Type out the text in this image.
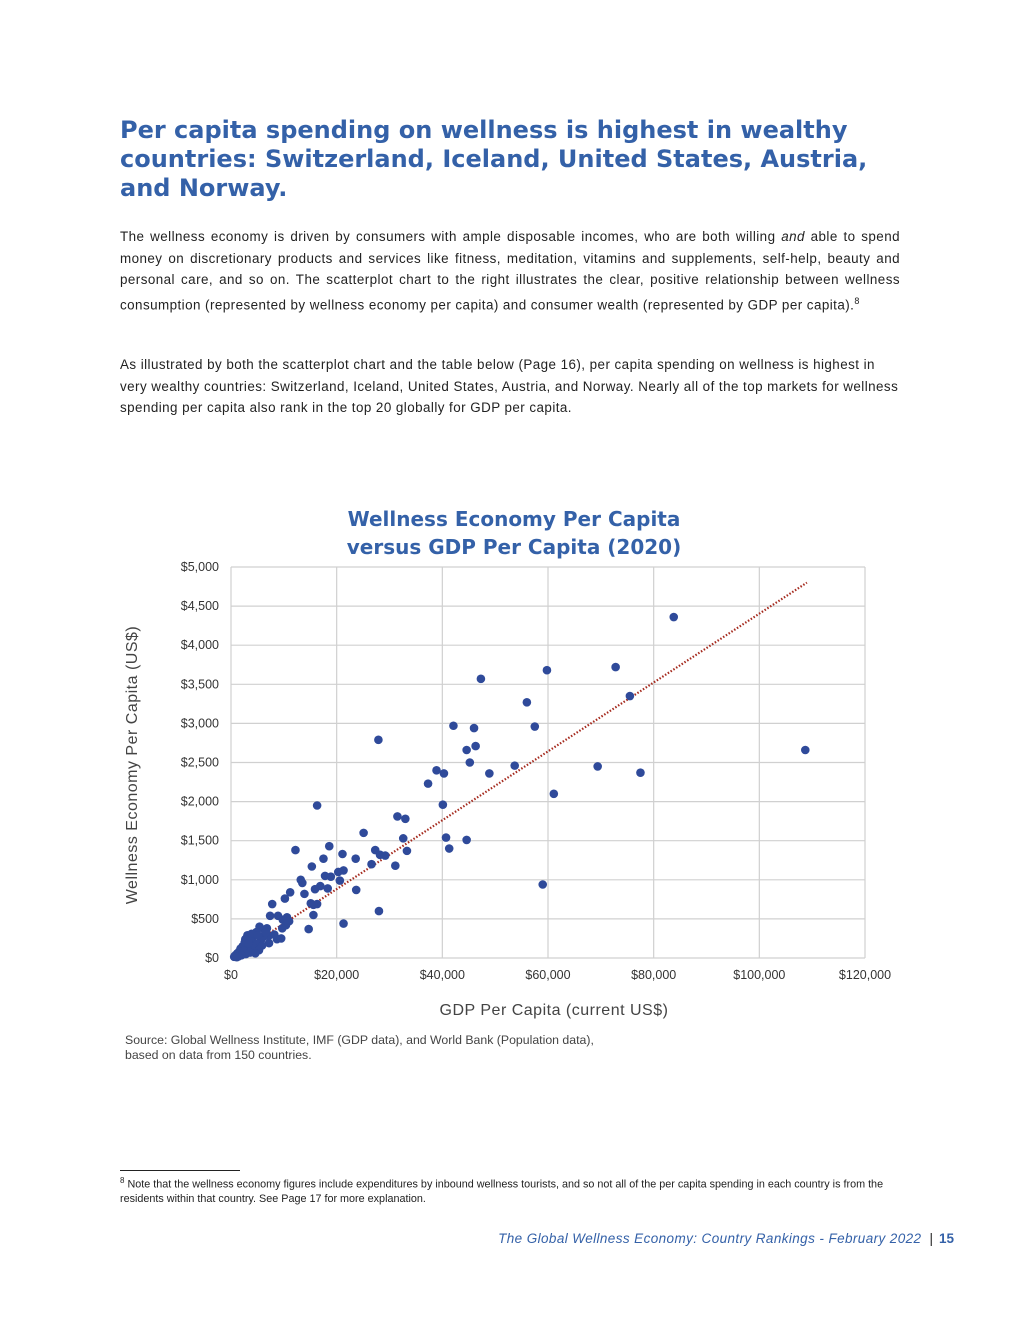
Per capita spending on wellness is highest in wealthy countries: Switzerland, Iceland, United States, Austria, and Norway.

The wellness economy is driven by consumers with ample disposable incomes, who are both willing and able to spend money on discretionary products and services like fitness, meditation, vitamins and supplements, self-help, beauty and personal care, and so on. The scatterplot chart to the right illustrates the clear, positive relationship between wellness consumption (represented by wellness economy per capita) and consumer wealth (represented by GDP per capita).$^8$

As illustrated by both the scatterplot chart and the table below (Page 16), per capita spending on wellness is highest in very wealthy countries: Switzerland, Iceland, United States, Austria, and Norway. Nearly all of the top markets for wellness spending per capita also rank in the top 20 globally for GDP per capita.

Wellness Economy Per Capita
versus GDP Per Capita (2020)
$0
$500
$1,000
$1,500
$2,000
$2,500
$3,000
$3,500
$4,000
$4,500
$5,000
$0	$20,000	$40,000	$60,000	$80,000	$100,000	$120,000
GDP Per Capita (current US$)
Wellness Economy Per Capita (US$)

Source: Global Wellness Institute, IMF (GDP data), and World Bank (Population data),
based on data from 150 countries.

$^8$ Note that the wellness economy figures include expenditures by inbound wellness tourists, and so not all of the per capita spending in each country is from the residents within that country. See Page 17 for more explanation.

The Global Wellness Economy: Country Rankings - February 2022 | 15
